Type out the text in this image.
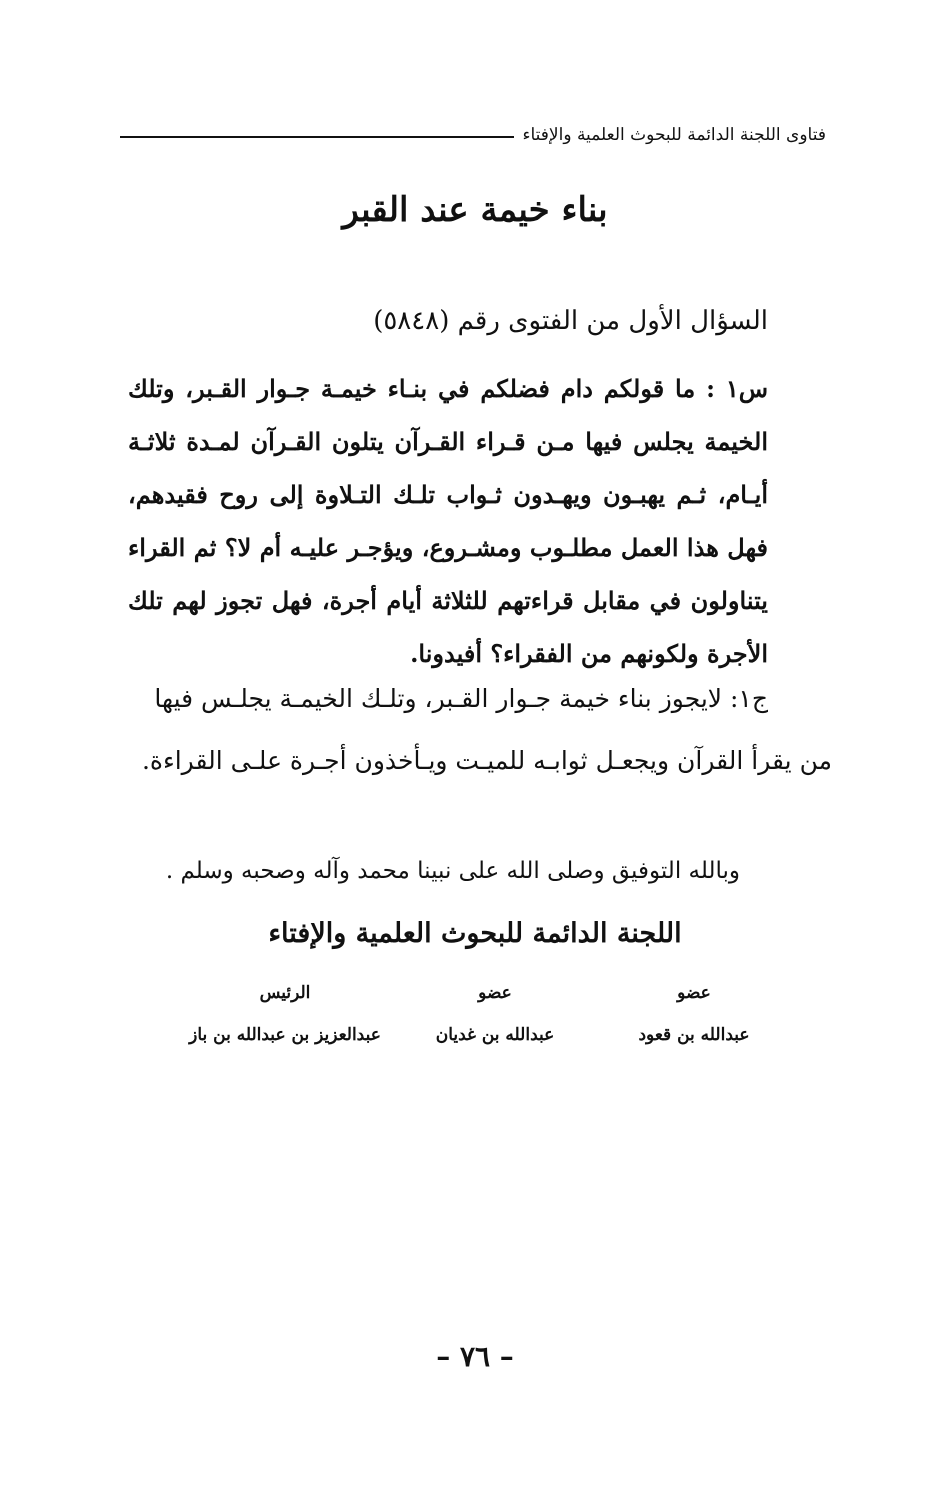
فتاوى اللجنة الدائمة للبحوث العلمية والإفتاء
بناء خيمة عند القبر
السؤال الأول من الفتوى رقم (٥٨٤٨)

س١ : ما قولكم دام فضلكم في بنـاء خيمـة جـوار القـبر، وتلك الخيمة يجلس فيها مـن قـراء القـرآن يتلون القـرآن لمـدة ثلاثـة أيـام، ثـم يهبـون ويهـدون ثـواب تلـك التـلاوة إلى روح فقيدهم، فهل هذا العمل مطلـوب ومشـروع، ويؤجـر عليـه أم لا؟ ثم القراء يتناولون في مقابل قراءتهم للثلاثة أيام أجرة، فهل تجوز لهم تلك الأجرة ولكونهم من الفقراء؟ أفيدونا.

ج١: لايجوز بناء خيمة جـوار القـبر، وتلـك الخيمـة يجلـس فيها من يقرأ القرآن ويجعـل ثوابـه للميـت ويـأخذون أجـرة علـى القراءة.

وبالله التوفيق وصلى الله على نبينا محمد وآله وصحبه وسلم .
اللجنة الدائمة للبحوث العلمية والإفتاء
عضو
عبدالله بن قعود
عضو
عبدالله بن غديان
الرئيس
عبدالعزيز بن عبدالله بن باز
– ٧٦ –
